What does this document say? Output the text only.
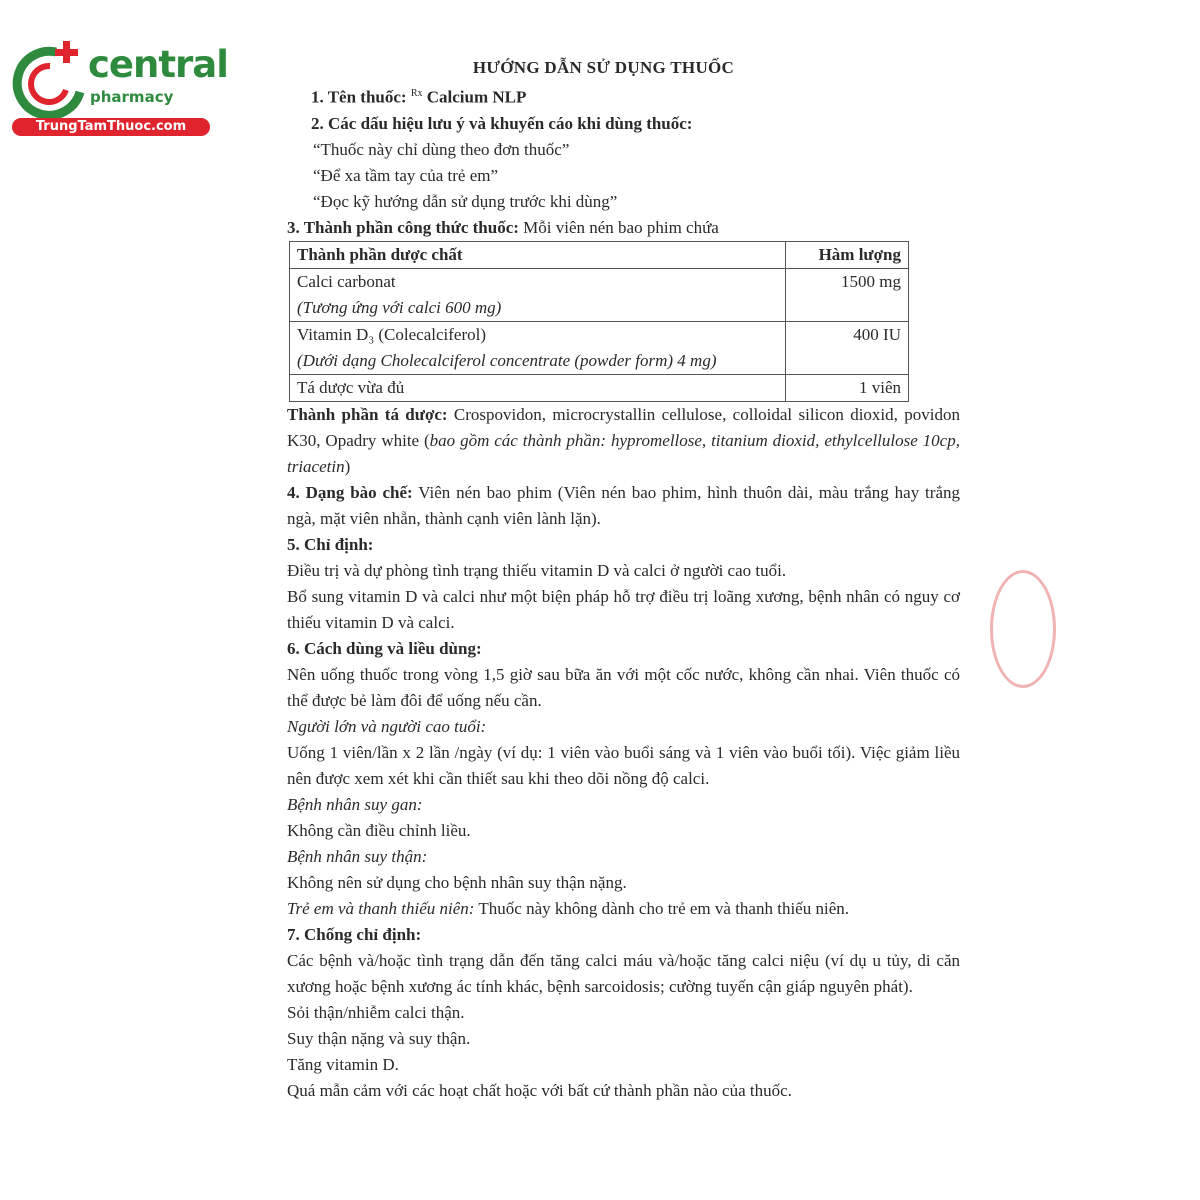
central
pharmacy
TrungTamThuoc.com
HƯỚNG DẪN SỬ DỤNG THUỐC
1. Tên thuốc: $^{Rx}$ Calcium NLP
2. Các dấu hiệu lưu ý và khuyến cáo khi dùng thuốc:
“Thuốc này chỉ dùng theo đơn thuốc”
“Để xa tầm tay của trẻ em”
“Đọc kỹ hướng dẫn sử dụng trước khi dùng”
3. Thành phần công thức thuốc: Mỗi viên nén bao phim chứa
Thành phần dược chất	Hàm lượng

Calci carbonat
(Tương ứng với calci 600 mg)	1500 mg

Vitamin D₃ (Colecalciferol)
(Dưới dạng Cholecalciferol concentrate (powder form) 4 mg)	400 IU
Tá dược vừa đủ	1 viên
Thành phần tá dược: Crospovidon, microcrystallin cellulose, colloidal silicon dioxid, povidon K30, Opadry white (bao gồm các thành phần: hypromellose, titanium dioxid, ethylcellulose 10cp, triacetin)
4. Dạng bào chế: Viên nén bao phim (Viên nén bao phim, hình thuôn dài, màu trắng hay trắng ngà, mặt viên nhẵn, thành cạnh viên lành lặn).
5. Chỉ định:
Điều trị và dự phòng tình trạng thiếu vitamin D và calci ở người cao tuổi.
Bổ sung vitamin D và calci như một biện pháp hỗ trợ điều trị loãng xương, bệnh nhân có nguy cơ thiếu vitamin D và calci.
6. Cách dùng và liều dùng:
Nên uống thuốc trong vòng 1,5 giờ sau bữa ăn với một cốc nước, không cần nhai. Viên thuốc có thể được bẻ làm đôi để uống nếu cần.
Người lớn và người cao tuổi:
Uống 1 viên/lần x 2 lần /ngày (ví dụ: 1 viên vào buổi sáng và 1 viên vào buổi tối). Việc giảm liều nên được xem xét khi cần thiết sau khi theo dõi nồng độ calci.
Bệnh nhân suy gan:
Không cần điều chỉnh liều.
Bệnh nhân suy thận:
Không nên sử dụng cho bệnh nhân suy thận nặng.
Trẻ em và thanh thiếu niên: Thuốc này không dành cho trẻ em và thanh thiếu niên.
7. Chống chỉ định:
Các bệnh và/hoặc tình trạng dẫn đến tăng calci máu và/hoặc tăng calci niệu (ví dụ u tủy, di căn xương hoặc bệnh xương ác tính khác, bệnh sarcoidosis; cường tuyến cận giáp nguyên phát).
Sỏi thận/nhiễm calci thận.
Suy thận nặng và suy thận.
Tăng vitamin D.
Quá mẫn cảm với các hoạt chất hoặc với bất cứ thành phần nào của thuốc.
